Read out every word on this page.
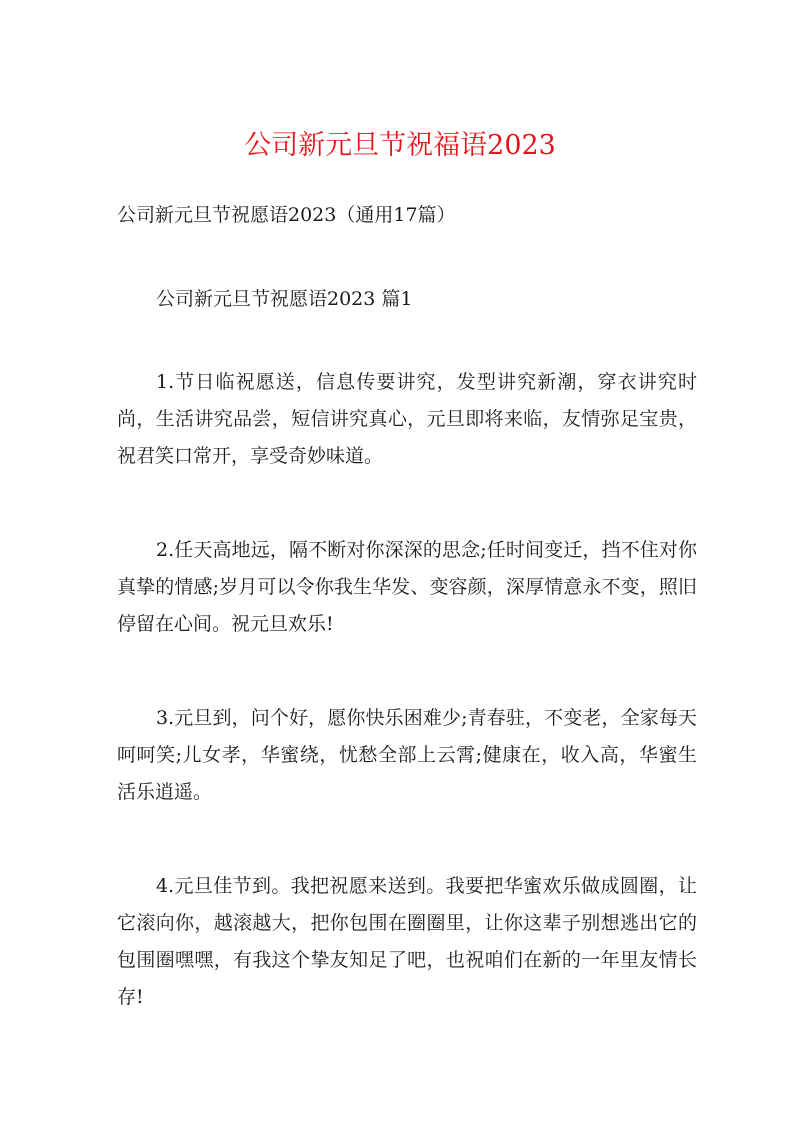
公司新元旦节祝福语2023

公司新元旦节祝愿语2023（通用17篇）

公司新元旦节祝愿语2023 篇1

1.节日临祝愿送，信息传要讲究，发型讲究新潮，穿衣讲究时尚，生活讲究品尝，短信讲究真心，元旦即将来临，友情弥足宝贵，祝君笑口常开，享受奇妙味道。

2.任天高地远，隔不断对你深深的思念;任时间变迁，挡不住对你真挚的情感;岁月可以令你我生华发、变容颜，深厚情意永不变，照旧停留在心间。祝元旦欢乐!

3.元旦到，问个好，愿你快乐困难少;青春驻，不变老，全家每天呵呵笑;儿女孝，华蜜绕，忧愁全部上云霄;健康在，收入高，华蜜生活乐逍遥。

4.元旦佳节到。我把祝愿来送到。我要把华蜜欢乐做成圆圈，让它滚向你，越滚越大，把你包围在圈圈里，让你这辈子别想逃出它的包围圈嘿嘿，有我这个挚友知足了吧，也祝咱们在新的一年里友情长存!
